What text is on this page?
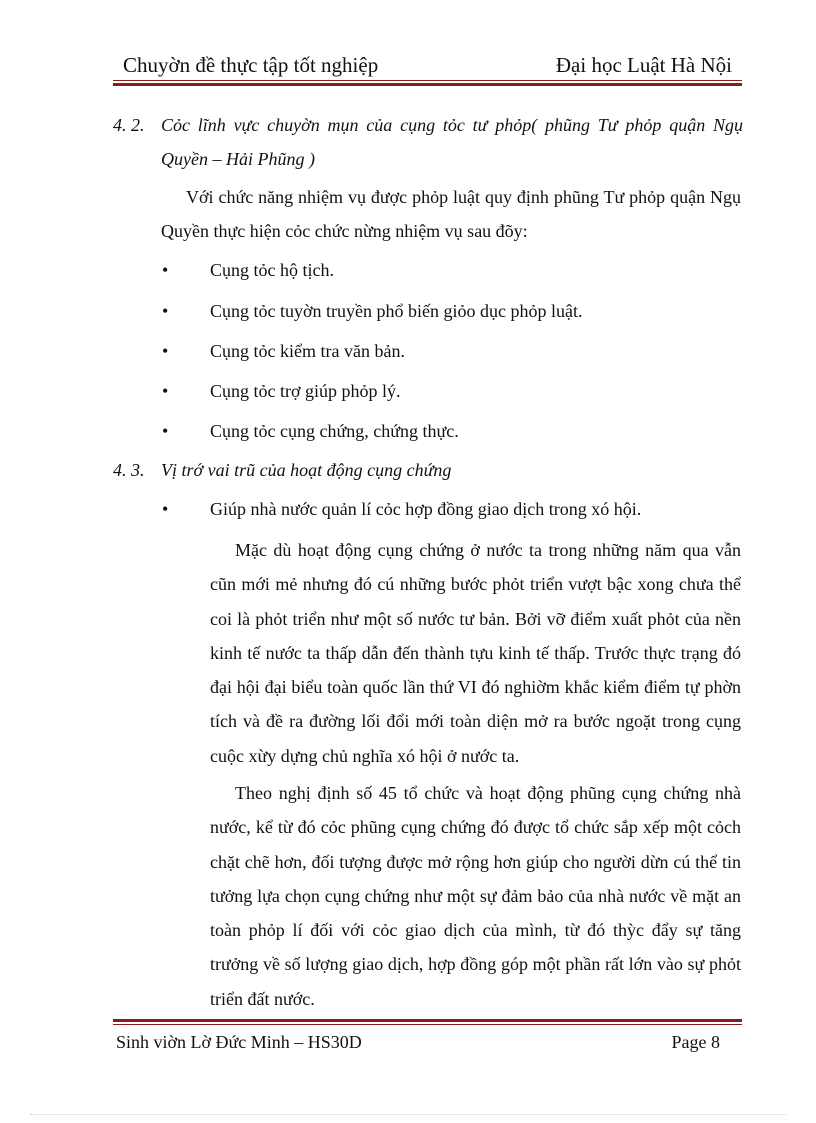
Chuyờn đề thực tập tốt nghiệp	Đại học Luật Hà Nội
4. 2. Cỏc lĩnh vực chuyờn mụn của cụng tỏc tư phỏp( phũng Tư phỏp quận Ngụ Quyền – Hải Phũng )
Với chức năng nhiệm vụ được phỏp luật quy định phũng Tư phỏp quận Ngụ Quyền thực hiện cỏc chức nừng nhiệm vụ sau đõy:
• Cụng tỏc hộ tịch.
• Cụng tỏc tuyờn truyền phổ biến giỏo dục phỏp luật.
• Cụng tỏc kiểm tra văn bản.
• Cụng tỏc trợ giúp phỏp lý.
• Cụng tỏc cụng chứng, chứng thực.
4. 3. Vị trớ vai trũ của hoạt động cụng chứng
• Giúp nhà nước quản lí cỏc hợp đồng giao dịch trong xó hội.
Mặc dù hoạt động cụng chứng ở nước ta trong những năm qua vẫn cũn mới mẻ nhưng đó cú những bước phỏt triển vượt bậc xong chưa thể coi là phỏt triển như một số nước tư bản. Bởi vỡ điểm xuất phỏt của nền kinh tế nước ta thấp dẫn đến thành tựu kinh tế thấp. Trước thực trạng đó đại hội đại biểu toàn quốc lần thứ VI đó nghiờm khắc kiểm điểm tự phờn tích và đề ra đường lối đổi mới toàn diện mở ra bước ngoặt trong cụng cuộc xừy dựng chủ nghĩa xó hội ở nước ta.
Theo nghị định số 45 tổ chức và hoạt động phũng cụng chứng nhà nước, kể từ đó cỏc phũng cụng chứng đó được tổ chức sắp xếp một cỏch chặt chẽ hơn, đối tượng được mở rộng hơn giúp cho người dừn cú thể tin tưởng lựa chọn cụng chứng như một sự đảm bảo của nhà nước về mặt an toàn phỏp lí đối với cỏc giao dịch của mình, từ đó thỳc đẩy sự tăng trưởng về số lượng giao dịch, hợp đồng góp một phần rất lớn vào sự phỏt triển đất nước.
Sinh viờn Lờ Đức Minh – HS30D	Page 8
